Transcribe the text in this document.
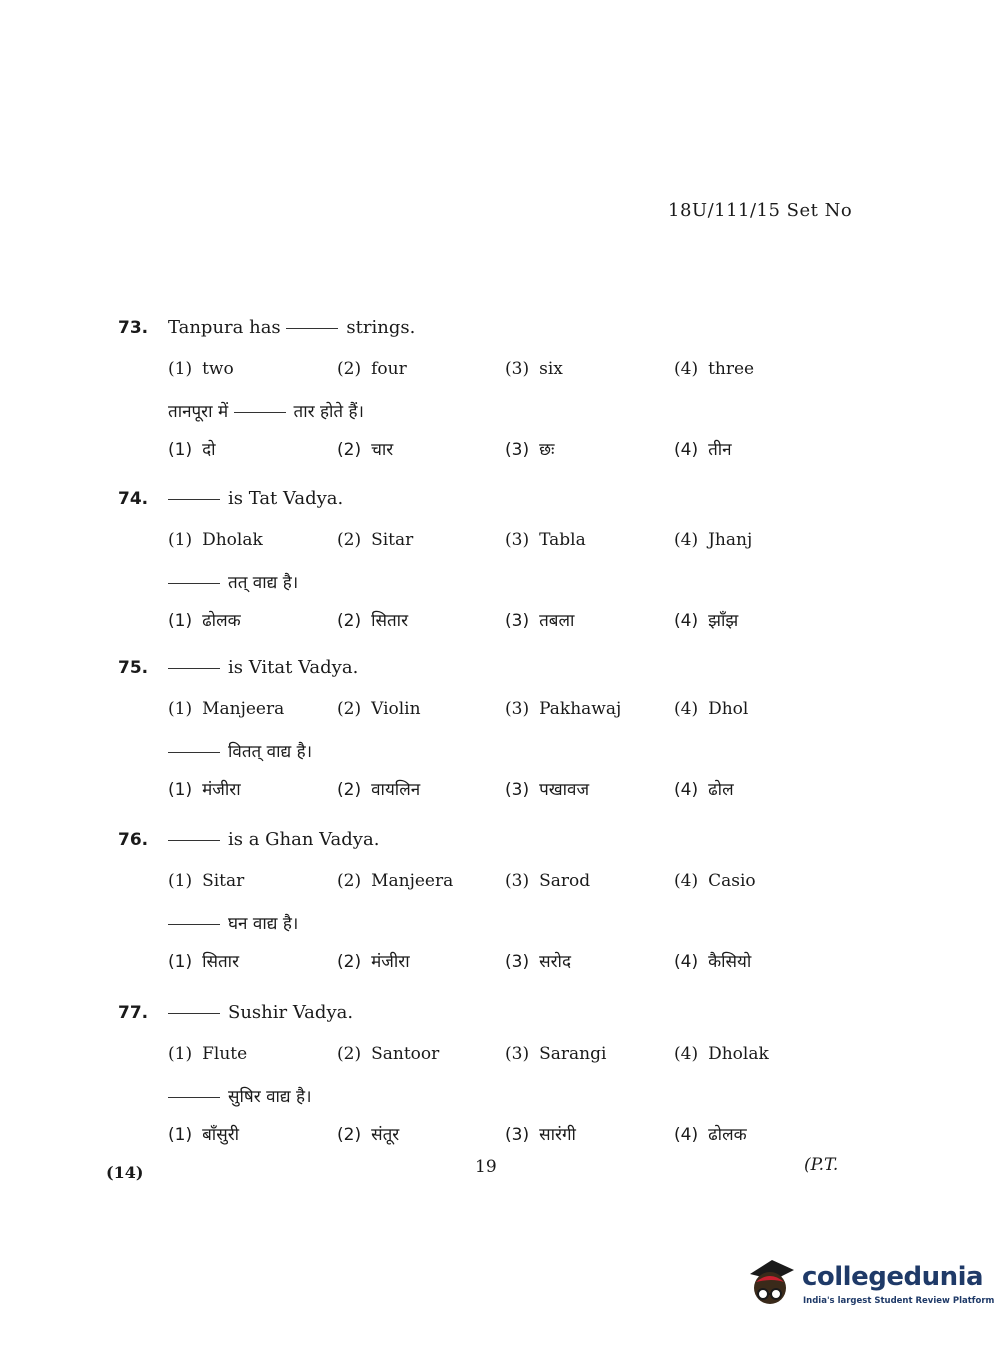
18U/111/15 Set No
73. Tanpura has	strings.
(1) two	(2) four	(3) six	(4) three
तानपूरा में	तार होते हैं।
(1) दो	(2) चार	(3) छः	(4) तीन
74.	is Tat Vadya.
(1) Dholak	(2) Sitar	(3) Tabla	(4) Jhanj
तत् वाद्य है।
(1) ढोलक	(2) सितार	(3) तबला	(4) झाँझ
75.	is Vitat Vadya.
(1) Manjeera	(2) Violin	(3) Pakhawaj	(4) Dhol
वितत् वाद्य है।
(1) मंजीरा	(2) वायलिन	(3) पखावज	(4) ढोल
76.	is a Ghan Vadya.
(1) Sitar	(2) Manjeera	(3) Sarod	(4) Casio
घन वाद्य है।
(1) सितार	(2) मंजीरा	(3) सरोद	(4) कैसियो
77.	Sushir Vadya.
(1) Flute	(2) Santoor	(3) Sarangi	(4) Dholak
सुषिर वाद्य है।
(1) बाँसुरी	(2) संतूर	(3) सारंगी	(4) ढोलक
(14)	19	(P.T.
collegedunia
India's largest Student Review Platform
